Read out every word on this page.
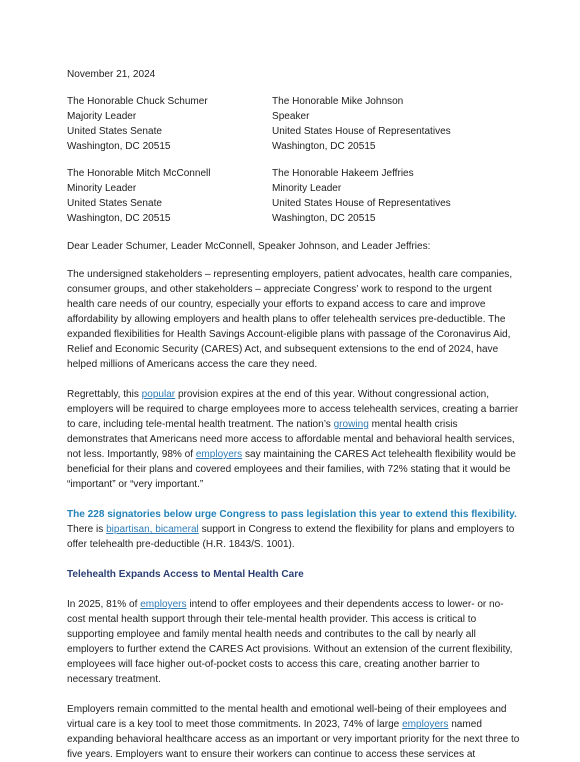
November 21, 2024

The Honorable Chuck Schumer

Majority Leader

United States Senate

Washington, DC 20515

The Honorable Mike Johnson

Speaker

United States House of Representatives

Washington, DC 20515

The Honorable Mitch McConnell

Minority Leader

United States Senate

Washington, DC 20515

The Honorable Hakeem Jeffries

Minority Leader

United States House of Representatives

Washington, DC 20515

Dear Leader Schumer, Leader McConnell, Speaker Johnson, and Leader Jeffries:

The undersigned stakeholders – representing employers, patient advocates, health care companies, consumer groups, and other stakeholders – appreciate Congress’ work to respond to the urgent health care needs of our country, especially your efforts to expand access to care and improve affordability by allowing employers and health plans to offer telehealth services pre-deductible. The expanded flexibilities for Health Savings Account-eligible plans with passage of the Coronavirus Aid, Relief and Economic Security (CARES) Act, and subsequent extensions to the end of 2024, have helped millions of Americans access the care they need.

Regrettably, this popular provision expires at the end of this year. Without congressional action, employers will be required to charge employees more to access telehealth services, creating a barrier to care, including tele-mental health treatment. The nation’s growing mental health crisis demonstrates that Americans need more access to affordable mental and behavioral health services, not less. Importantly, 98% of employers say maintaining the CARES Act telehealth flexibility would be beneficial for their plans and covered employees and their families, with 72% stating that it would be “important” or “very important.”

The 228 signatories below urge Congress to pass legislation this year to extend this flexibility. There is bipartisan, bicameral support in Congress to extend the flexibility for plans and employers to offer telehealth pre-deductible (H.R. 1843/S. 1001).

Telehealth Expands Access to Mental Health Care

In 2025, 81% of employers intend to offer employees and their dependents access to lower- or no-cost mental health support through their tele-mental health provider. This access is critical to supporting employee and family mental health needs and contributes to the call by nearly all employers to further extend the CARES Act provisions. Without an extension of the current flexibility, employees will face higher out-of-pocket costs to access this care, creating another barrier to necessary treatment.

Employers remain committed to the mental health and emotional well-being of their employees and virtual care is a key tool to meet those commitments. In 2023, 74% of large employers named expanding behavioral healthcare access as an important or very important priority for the next three to five years. Employers want to ensure their workers can continue to access these services at
